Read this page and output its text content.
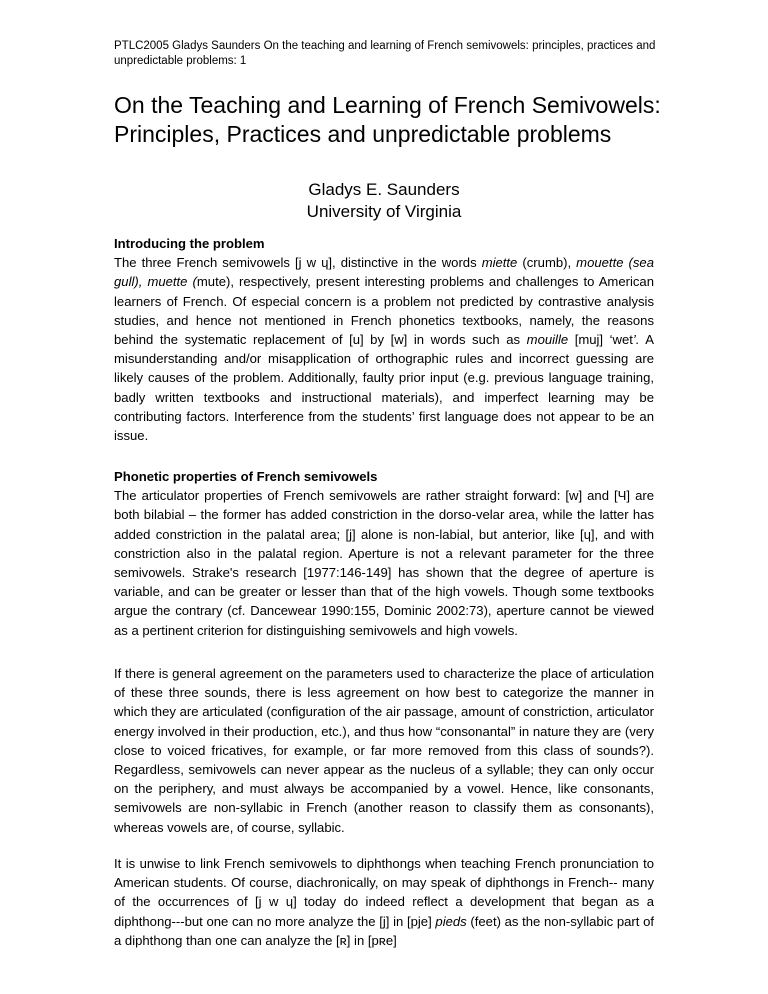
PTLC2005 Gladys Saunders On the teaching and learning of French semivowels: principles, practices and
unpredictable problems: 1
On the Teaching and Learning of French Semivowels:
Principles, Practices and unpredictable problems
Gladys E. Saunders
University of Virginia
Introducing the problem

The three French semivowels [j w ɥ], distinctive in the words miette (crumb), mouette (sea gull), muette (mute), respectively, present interesting problems and challenges to American learners of French. Of especial concern is a problem not predicted by contrastive analysis studies, and hence not mentioned in French phonetics textbooks, namely, the reasons behind the systematic replacement of [u] by [w] in words such as mouille [muj] ‘wet’. A misunderstanding and/or misapplication of orthographic rules and incorrect guessing are likely causes of the problem. Additionally, faulty prior input (e.g. previous language training, badly written textbooks and instructional materials), and imperfect learning may be contributing factors. Interference from the students’ first language does not appear to be an issue.

Phonetic properties of French semivowels

The articulator properties of French semivowels are rather straight forward: [w] and [Ч] are both bilabial – the former has added constriction in the dorso-velar area, while the latter has added constriction in the palatal area; [j] alone is non-labial, but anterior, like [ɥ], and with constriction also in the palatal region. Aperture is not a relevant parameter for the three semivowels. Strake's research [1977:146-149] has shown that the degree of aperture is variable, and can be greater or lesser than that of the high vowels. Though some textbooks argue the contrary (cf. Dancewear 1990:155, Dominic 2002:73), aperture cannot be viewed as a pertinent criterion for distinguishing semivowels and high vowels.

If there is general agreement on the parameters used to characterize the place of articulation of these three sounds, there is less agreement on how best to categorize the manner in which they are articulated (configuration of the air passage, amount of constriction, articulator energy involved in their production, etc.), and thus how “consonantal” in nature they are (very close to voiced fricatives, for example, or far more removed from this class of sounds?). Regardless, semivowels can never appear as the nucleus of a syllable; they can only occur on the periphery, and must always be accompanied by a vowel. Hence, like consonants, semivowels are non-syllabic in French (another reason to classify them as consonants), whereas vowels are, of course, syllabic.

It is unwise to link French semivowels to diphthongs when teaching French pronunciation to American students. Of course, diachronically, on may speak of diphthongs in French-- many of the occurrences of [j w ɥ] today do indeed reflect a development that began as a diphthong---but one can no more analyze the [j] in [pje] pieds (feet) as the non-syllabic part of a diphthong than one can analyze the [ʀ] in [pʀe]
